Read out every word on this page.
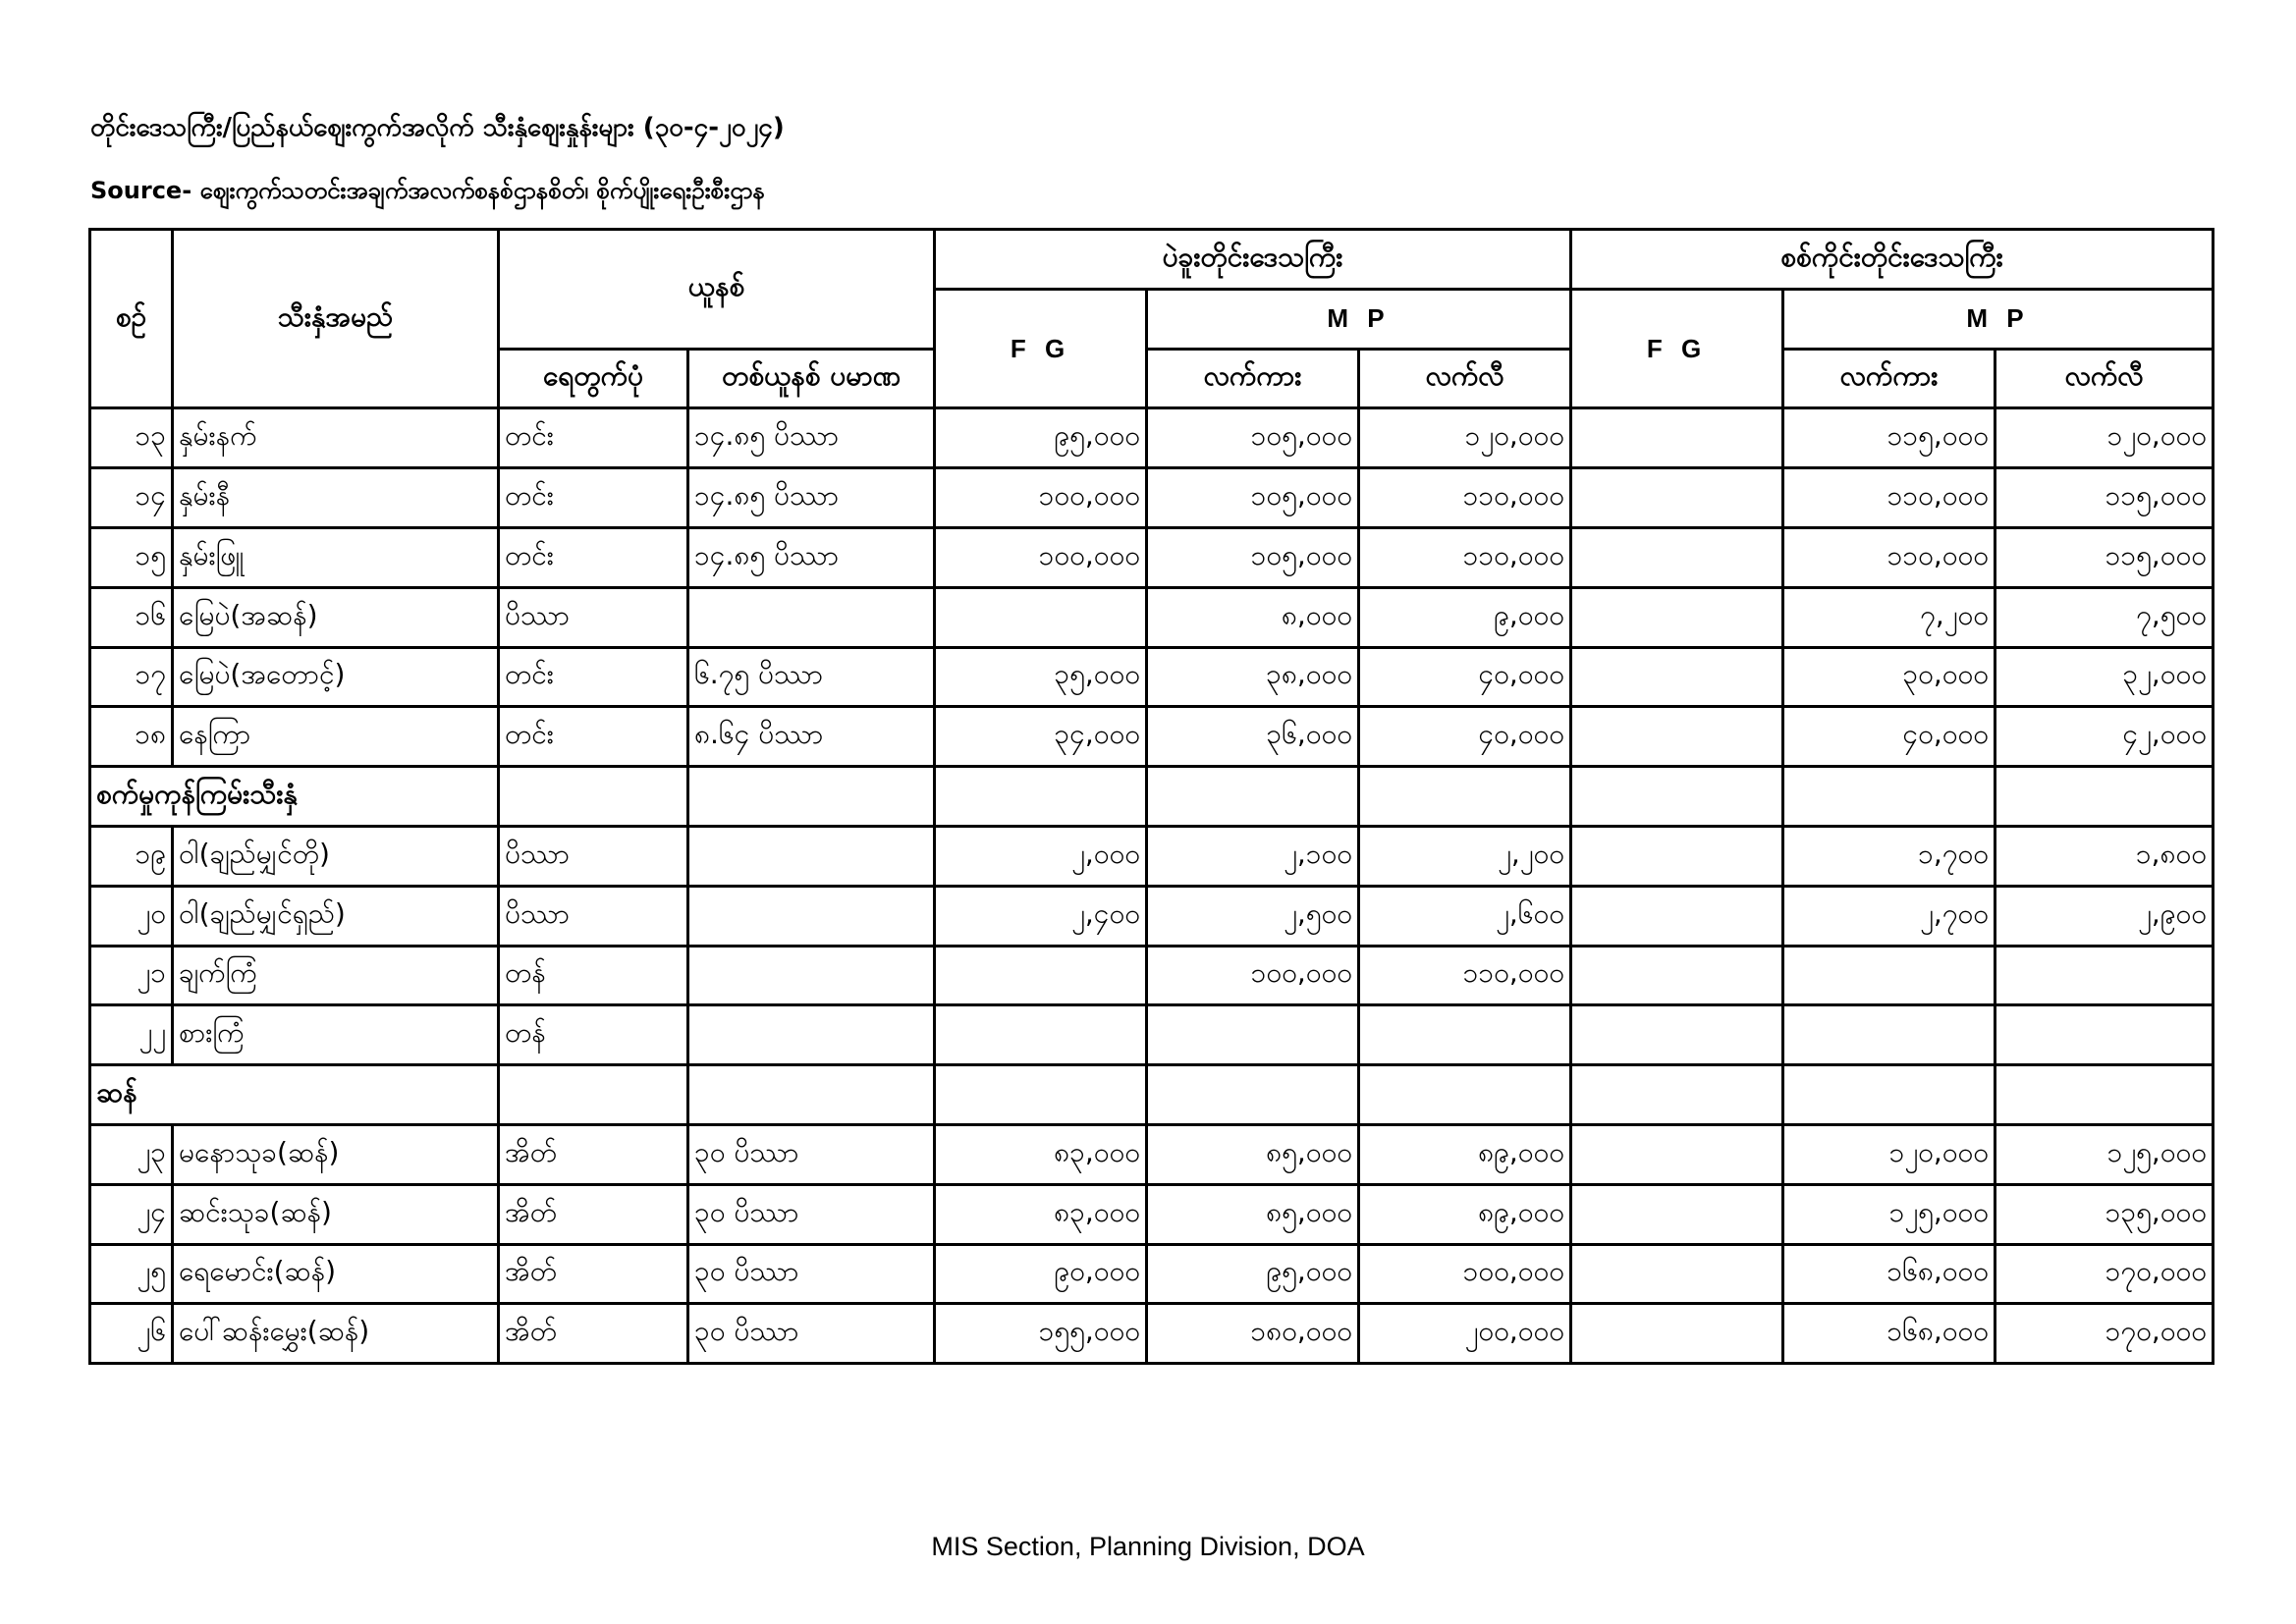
တိုင်းဒေသကြီး/ပြည်နယ်ဈေးကွက်အလိုက် သီးနှံဈေးနှုန်းများ (၃၀-၄-၂၀၂၄)
Source- ဈေးကွက်သတင်းအချက်အလက်စနစ်ဌာနစိတ်၊ စိုက်ပျိုးရေးဦးစီးဌာန
စဉ်	သီးနှံအမည်	ယူနစ်		ပဲခူးတိုင်းဒေသကြီး			စစ်ကိုင်းတိုင်းဒေသကြီး		
				F G	M P		F G	M P	
		ရေတွက်ပုံ	တစ်ယူနစ် ပမာဏ		လက်ကား	လက်လီ		လက်ကား	လက်လီ
၁၃	နှမ်းနက်	တင်း	၁၄.၈၅ ပိဿာ	၉၅,၀၀၀	၁၀၅,၀၀၀	၁၂၀,၀၀၀		၁၁၅,၀၀၀	၁၂၀,၀၀၀
၁၄	နှမ်းနီ	တင်း	၁၄.၈၅ ပိဿာ	၁၀၀,၀၀၀	၁၀၅,၀၀၀	၁၁၀,၀၀၀		၁၁၀,၀၀၀	၁၁၅,၀၀၀
၁၅	နှမ်းဖြူ	တင်း	၁၄.၈၅ ပိဿာ	၁၀၀,၀၀၀	၁၀၅,၀၀၀	၁၁၀,၀၀၀		၁၁၀,၀၀၀	၁၁၅,၀၀၀
၁၆	မြေပဲ(အဆန်)	ပိဿာ			၈,၀၀၀	၉,၀၀၀		၇,၂၀၀	၇,၅၀၀
၁၇	မြေပဲ(အတောင့်)	တင်း	၆.၇၅ ပိဿာ	၃၅,၀၀၀	၃၈,၀၀၀	၄၀,၀၀၀		၃၀,၀၀၀	၃၂,၀၀၀
၁၈	နေကြာ	တင်း	၈.၆၄ ပိဿာ	၃၄,၀၀၀	၃၆,၀၀၀	၄၀,၀၀၀		၄၀,၀၀၀	၄၂,၀၀၀
စက်မှုကုန်ကြမ်းသီးနှံ									
၁၉	ဝါ(ချည်မျှင်တို)	ပိဿာ		၂,၀၀၀	၂,၁၀၀	၂,၂၀၀		၁,၇၀၀	၁,၈၀၀
၂၀	ဝါ(ချည်မျှင်ရှည်)	ပိဿာ		၂,၄၀၀	၂,၅၀၀	၂,၆၀၀		၂,၇၀၀	၂,၉၀၀
၂၁	ချက်ကြံ	တန်			၁၀၀,၀၀၀	၁၁၀,၀၀၀			
၂၂	စားကြံ	တန်							
ဆန်									
၂၃	မနောသုခ(ဆန်)	အိတ်	၃၀ ပိဿာ	၈၃,၀၀၀	၈၅,၀၀၀	၈၉,၀၀၀		၁၂၀,၀၀၀	၁၂၅,၀၀၀
၂၄	ဆင်းသုခ(ဆန်)	အိတ်	၃၀ ပိဿာ	၈၃,၀၀၀	၈၅,၀၀၀	၈၉,၀၀၀		၁၂၅,၀၀၀	၁၃၅,၀၀၀
၂၅	ရေမောင်း(ဆန်)	အိတ်	၃၀ ပိဿာ	၉၀,၀၀၀	၉၅,၀၀၀	၁၀၀,၀၀၀		၁၆၈,၀၀၀	၁၇၀,၀၀၀
၂၆	ပေါ်ဆန်းမွှေး(ဆန်)	အိတ်	၃၀ ပိဿာ	၁၅၅,၀၀၀	၁၈၀,၀၀၀	၂၀၀,၀၀၀		၁၆၈,၀၀၀	၁၇၀,၀၀၀
MIS Section, Planning Division, DOA
